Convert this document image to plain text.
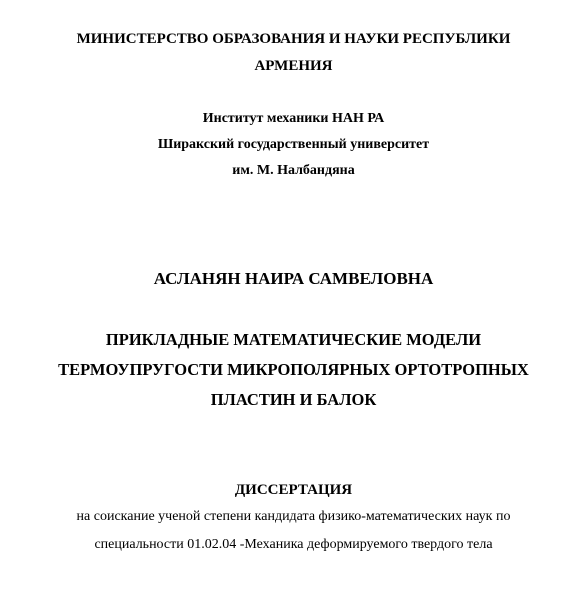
МИНИСТЕРСТВО ОБРАЗОВАНИЯ И НАУКИ РЕСПУБЛИКИ
АРМЕНИЯ
Институт механики НАН РА
Ширакский государственный университет
им. М. Налбандяна
АСЛАНЯН НАИРА САМВЕЛОВНА
ПРИКЛАДНЫЕ МАТЕМАТИЧЕСКИЕ МОДЕЛИ
ТЕРМОУПРУГОСТИ МИКРОПОЛЯРНЫХ ОРТОТРОПНЫХ
ПЛАСТИН И БАЛОК
ДИССЕРТАЦИЯ
на соискание ученой степени кандидата физико-математических наук по
специальности 01.02.04 -Механика деформируемого твердого тела
